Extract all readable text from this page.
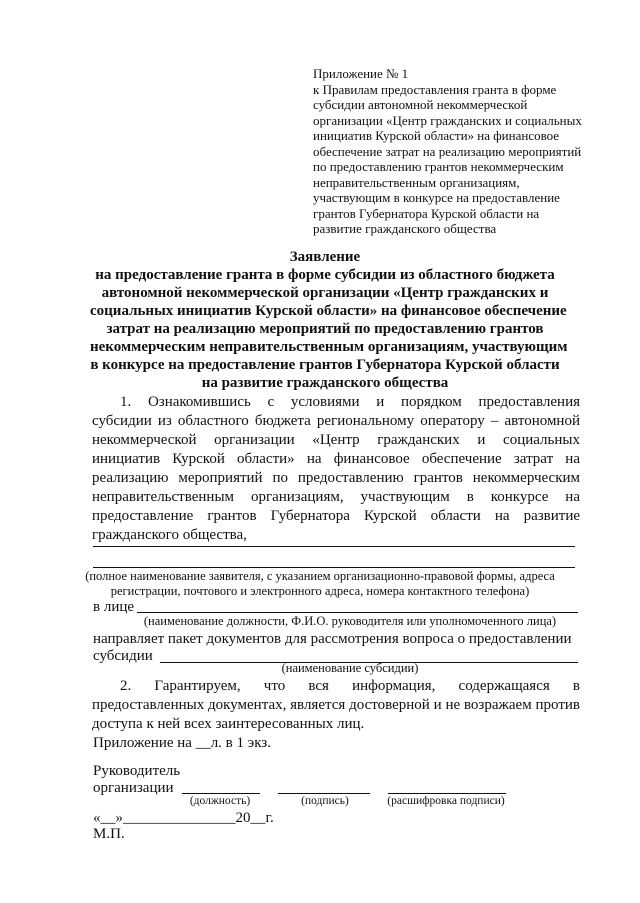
Приложение № 1
к Правилам предоставления гранта в форме
субсидии автономной некоммерческой
организации «Центр гражданских и социальных
инициатив Курской области» на финансовое
обеспечение затрат на реализацию мероприятий
по предоставлению грантов некоммерческим
неправительственным организациям,
участвующим в конкурсе на предоставление
грантов Губернатора Курской области на
развитие гражданского общества
Заявление
на предоставление гранта в форме субсидии из областного бюджета
автономной некоммерческой организации «Центр гражданских и
социальных инициатив Курской области» на финансовое обеспечение
затрат на реализацию мероприятий по предоставлению грантов
некоммерческим неправительственным организациям, участвующим
в конкурсе на предоставление грантов Губернатора Курской области
на развитие гражданского общества
1. Ознакомившись с условиями и порядком предоставления
субсидии из областного бюджета региональному оператору – автономной
некоммерческой организации «Центр гражданских и социальных
инициатив Курской области» на финансовое обеспечение затрат на
реализацию мероприятий по предоставлению грантов некоммерческим
неправительственным организациям, участвующим в конкурсе на
предоставление грантов Губернатора Курской области на развитие
гражданского общества,
(полное наименование заявителя, с указанием организационно-правовой формы, адреса
регистрации, почтового и электронного адреса, номера контактного телефона)
в лице
(наименование должности, Ф.И.О. руководителя или уполномоченного лица)
направляет пакет документов для рассмотрения вопроса о предоставлении
субсидии
(наименование субсидии)
2. Гарантируем, что вся информация, содержащаяся в
предоставленных документах, является достоверной и не возражаем против
доступа к ней всех заинтересованных лиц.
Приложение на __л. в 1 экз.
Руководитель
организации
(должность)	(подпись)	(расшифровка подписи)
«__»_______________20__г.
М.П.
